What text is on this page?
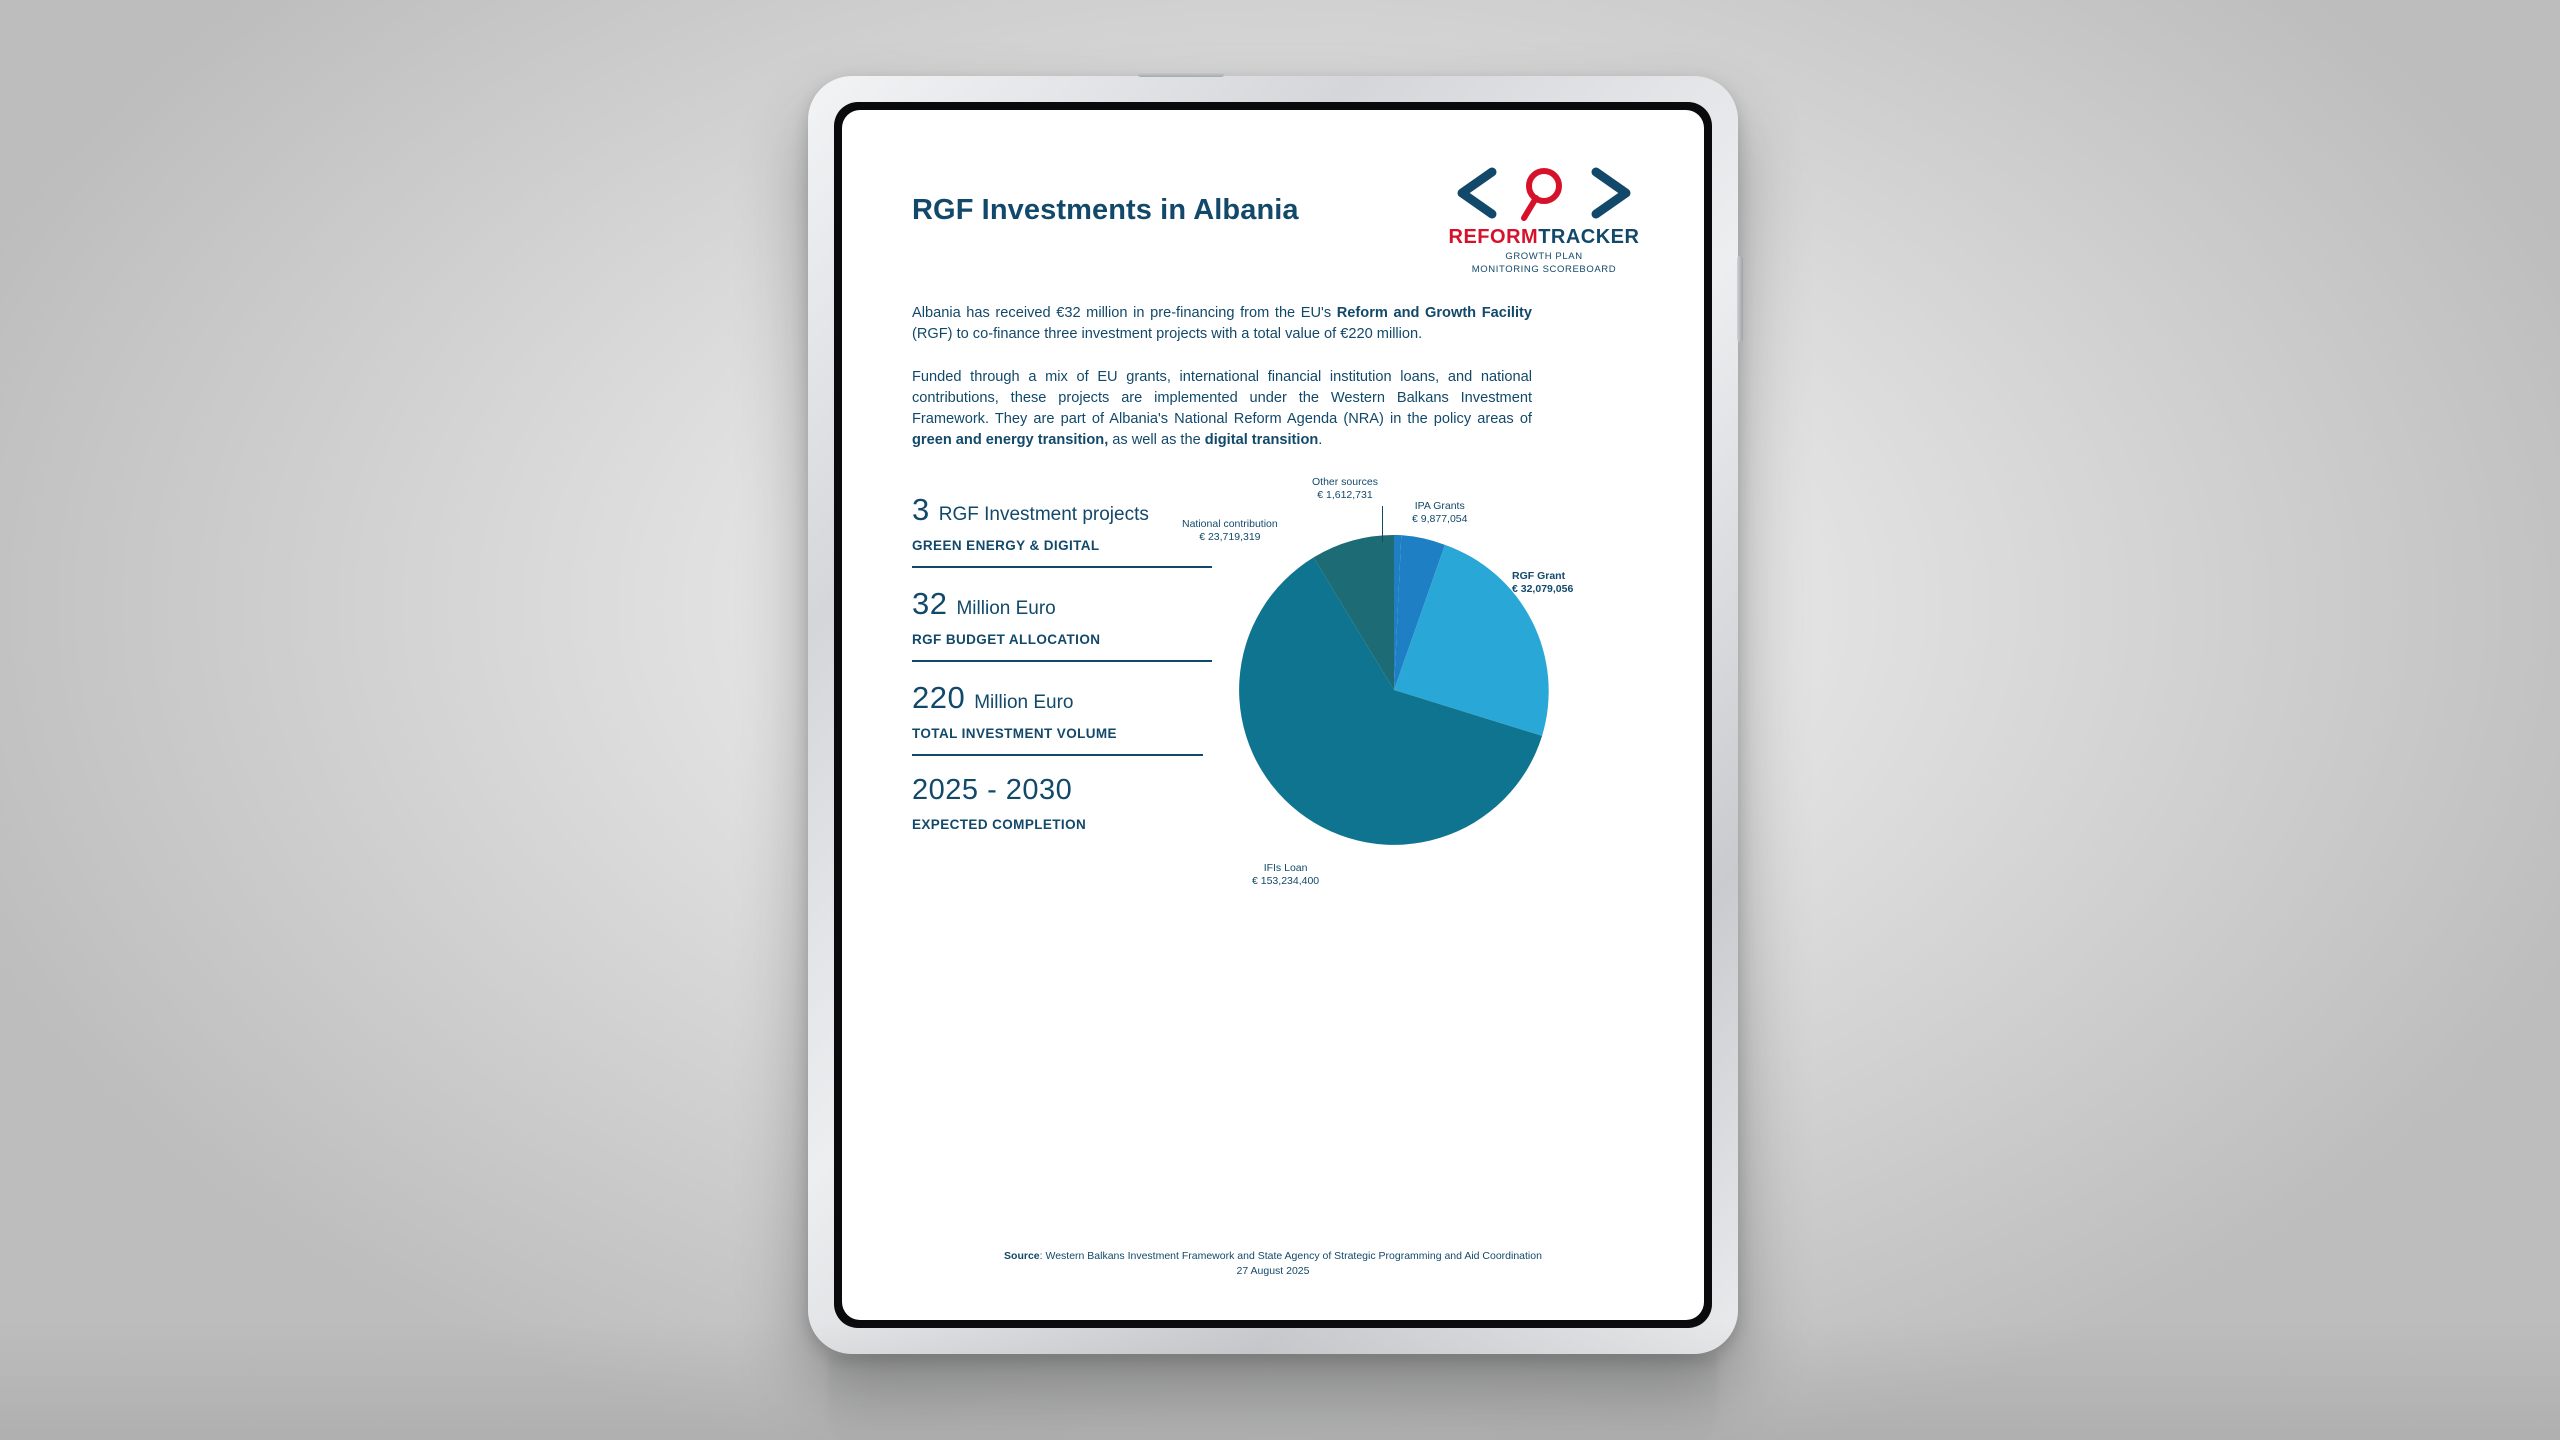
RGF Investments in Albania
REFORMTRACKER
GROWTH PLAN
MONITORING SCOREBOARD
Albania has received €32 million in pre-financing from the EU's Reform and Growth Facility (RGF) to co-finance three investment projects with a total value of €220 million.
Funded through a mix of EU grants, international financial institution loans, and national contributions, these projects are implemented under the Western Balkans Investment Framework. They are part of Albania's National Reform Agenda (NRA) in the policy areas of green and energy transition, as well as the digital transition.
3 RGF Investment projects
GREEN ENERGY & DIGITAL
32 Million Euro
RGF BUDGET ALLOCATION
220 Million Euro
TOTAL INVESTMENT VOLUME
2025 - 2030
EXPECTED COMPLETION
Other sources
€ 1,612,731
IPA Grants
€ 9,877,054
National contribution
€ 23,719,319
RGF Grant
€ 32,079,056
IFIs Loan
€ 153,234,400
Source: Western Balkans Investment Framework and State Agency of Strategic Programming and Aid Coordination
27 August 2025
